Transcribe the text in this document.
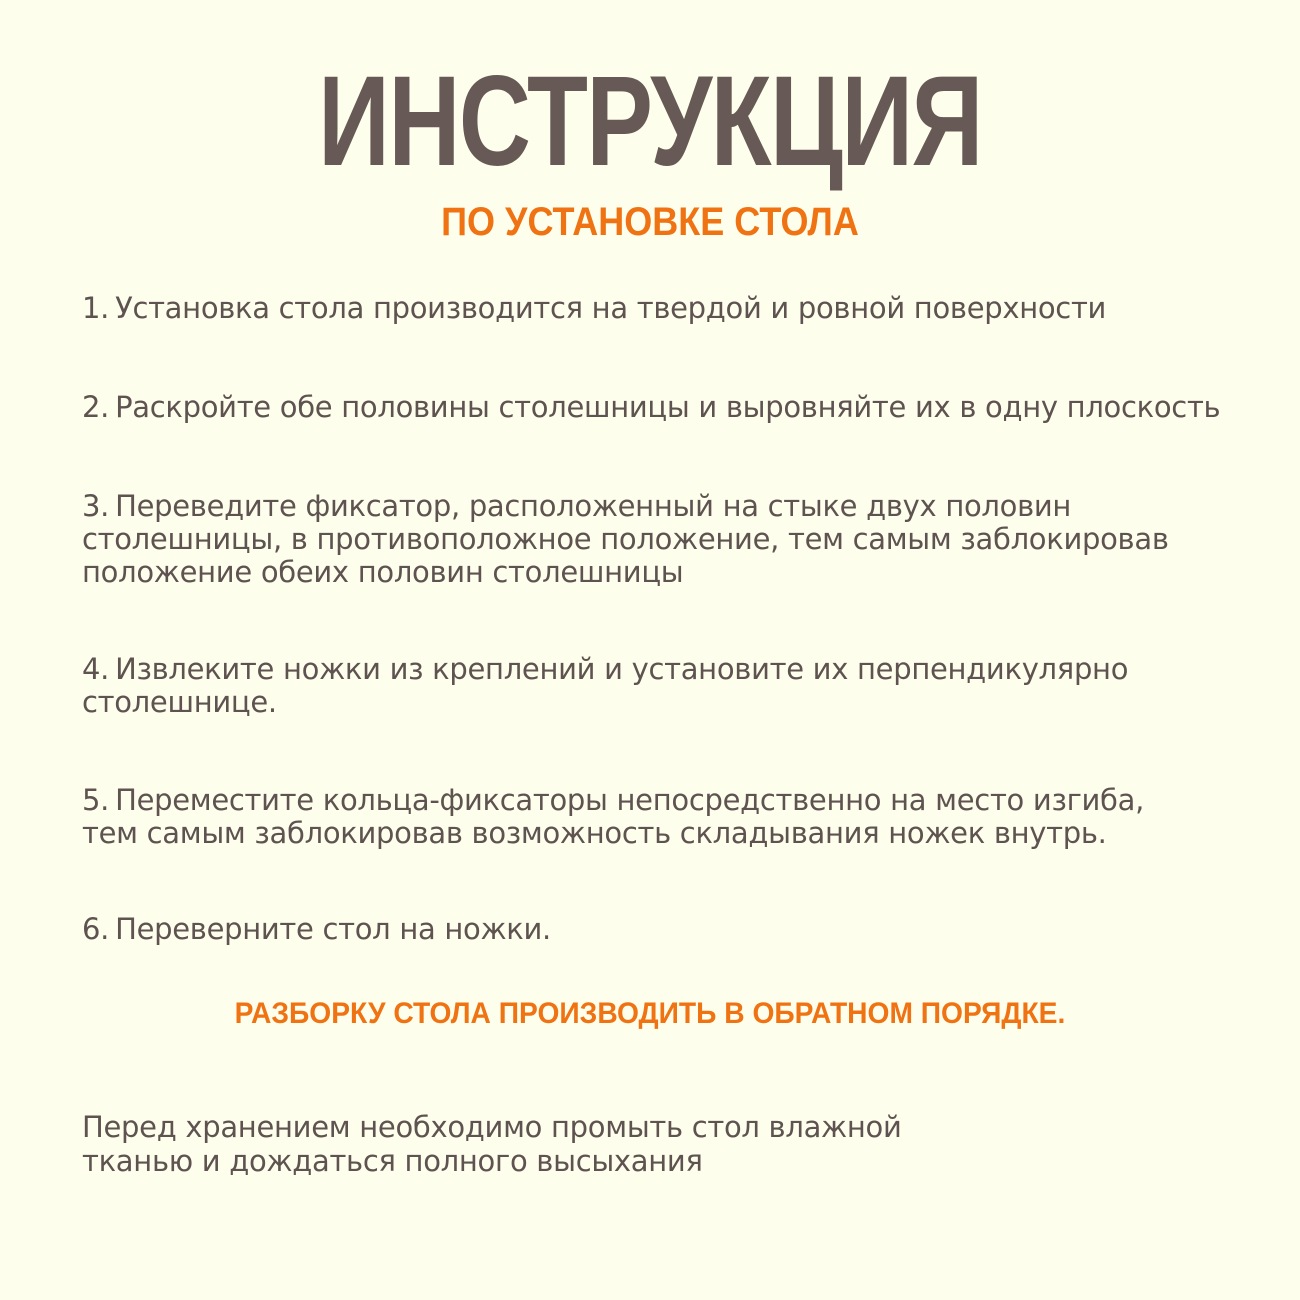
ИНСТРУКЦИЯ
ПО УСТАНОВКЕ СТОЛА
1. Установка стола производится на твердой и ровной поверхности
2. Раскройте обе половины столешницы и выровняйте их в одну плоскость
3. Переведите фиксатор, расположенный на стыке двух половин столешницы, в противоположное положение, тем самым заблокировав положение обеих половин столешницы
4. Извлеките ножки из креплений и установите их перпендикулярно столешнице.
5. Переместите кольца-фиксаторы непосредственно на место изгиба, тем самым заблокировав возможность складывания ножек внутрь.
6. Переверните стол на ножки.
РАЗБОРКУ СТОЛА ПРОИЗВОДИТЬ В ОБРАТНОМ ПОРЯДКЕ.
Перед хранением необходимо промыть стол влажной тканью и дождаться полного высыхания
